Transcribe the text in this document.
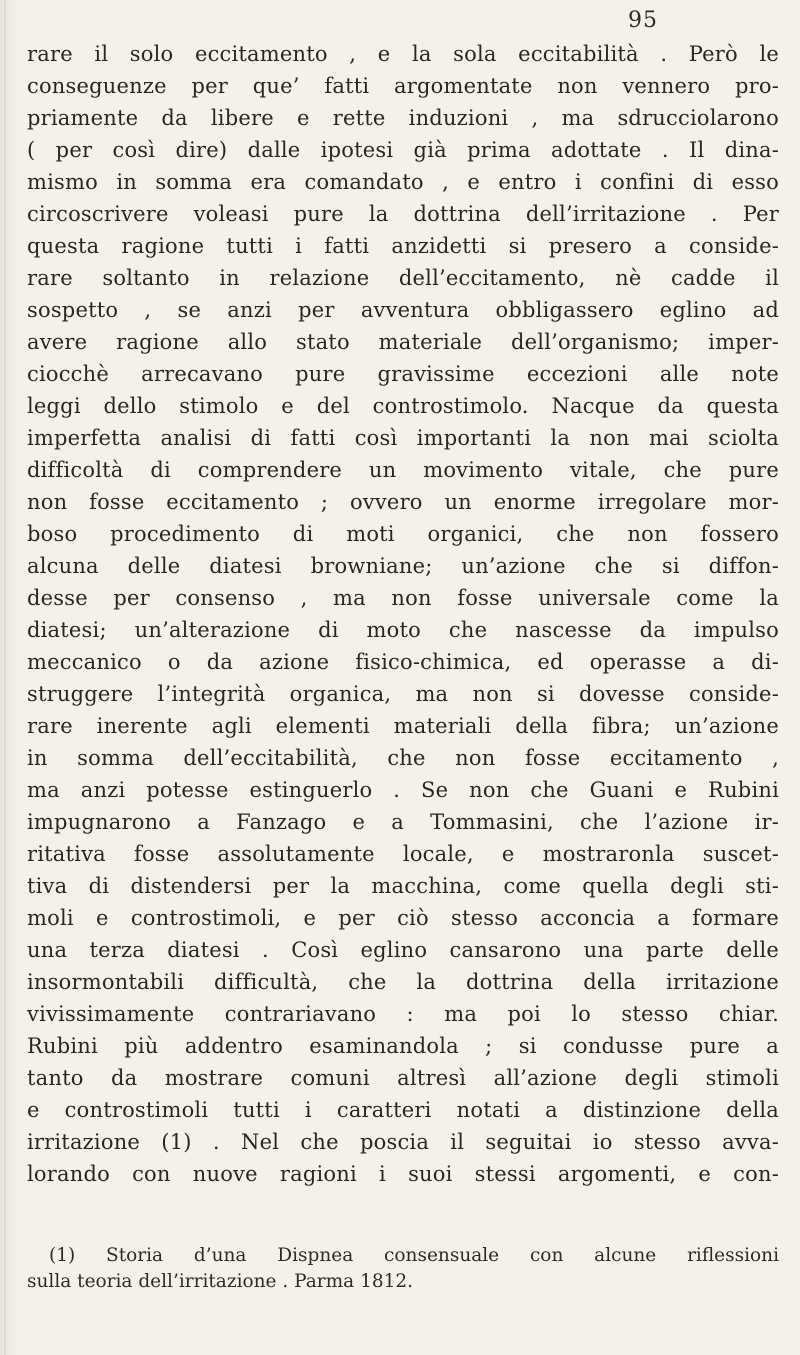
95
rare il solo eccitamento , e la sola eccitabilità . Però le
conseguenze per que’ fatti argomentate non vennero pro-
priamente da libere e rette induzioni , ma sdrucciolarono
( per così dire) dalle ipotesi già prima adottate . Il dina-
mismo in somma era comandato , e entro i confini di esso
circoscrivere voleasi pure la dottrina dell’irritazione . Per
questa ragione tutti i fatti anzidetti si presero a conside-
rare soltanto in relazione dell’eccitamento, nè cadde il
sospetto , se anzi per avventura obbligassero eglino ad
avere ragione allo stato materiale dell’organismo; imper-
ciocchè arrecavano pure gravissime eccezioni alle note
leggi dello stimolo e del controstimolo. Nacque da questa
imperfetta analisi di fatti così importanti la non mai sciolta
difficoltà di comprendere un movimento vitale, che pure
non fosse eccitamento ; ovvero un enorme irregolare mor-
boso procedimento di moti organici, che non fossero
alcuna delle diatesi browniane; un’azione che si diffon-
desse per consenso , ma non fosse universale come la
diatesi; un’alterazione di moto che nascesse da impulso
meccanico o da azione fisico-chimica, ed operasse a di-
struggere l’integrità organica, ma non si dovesse conside-
rare inerente agli elementi materiali della fibra; un’azione
in somma dell’eccitabilità, che non fosse eccitamento ,
ma anzi potesse estinguerlo . Se non che Guani e Rubini
impugnarono a Fanzago e a Tommasini, che l’azione ir-
ritativa fosse assolutamente locale, e mostraronla suscet-
tiva di distendersi per la macchina, come quella degli sti-
moli e controstimoli, e per ciò stesso acconcia a formare
una terza diatesi . Così eglino cansarono una parte delle
insormontabili difficultà, che la dottrina della irritazione
vivissimamente contrariavano : ma poi lo stesso chiar.
Rubini più addentro esaminandola ; si condusse pure a
tanto da mostrare comuni altresì all’azione degli stimoli
e controstimoli tutti i caratteri notati a distinzione della
irritazione (1) . Nel che poscia il seguitai io stesso avva-
lorando con nuove ragioni i suoi stessi argomenti, e con-
(1) Storia d’una Dispnea consensuale con alcune riflessioni
sulla teoria dell’irritazione . Parma 1812.
